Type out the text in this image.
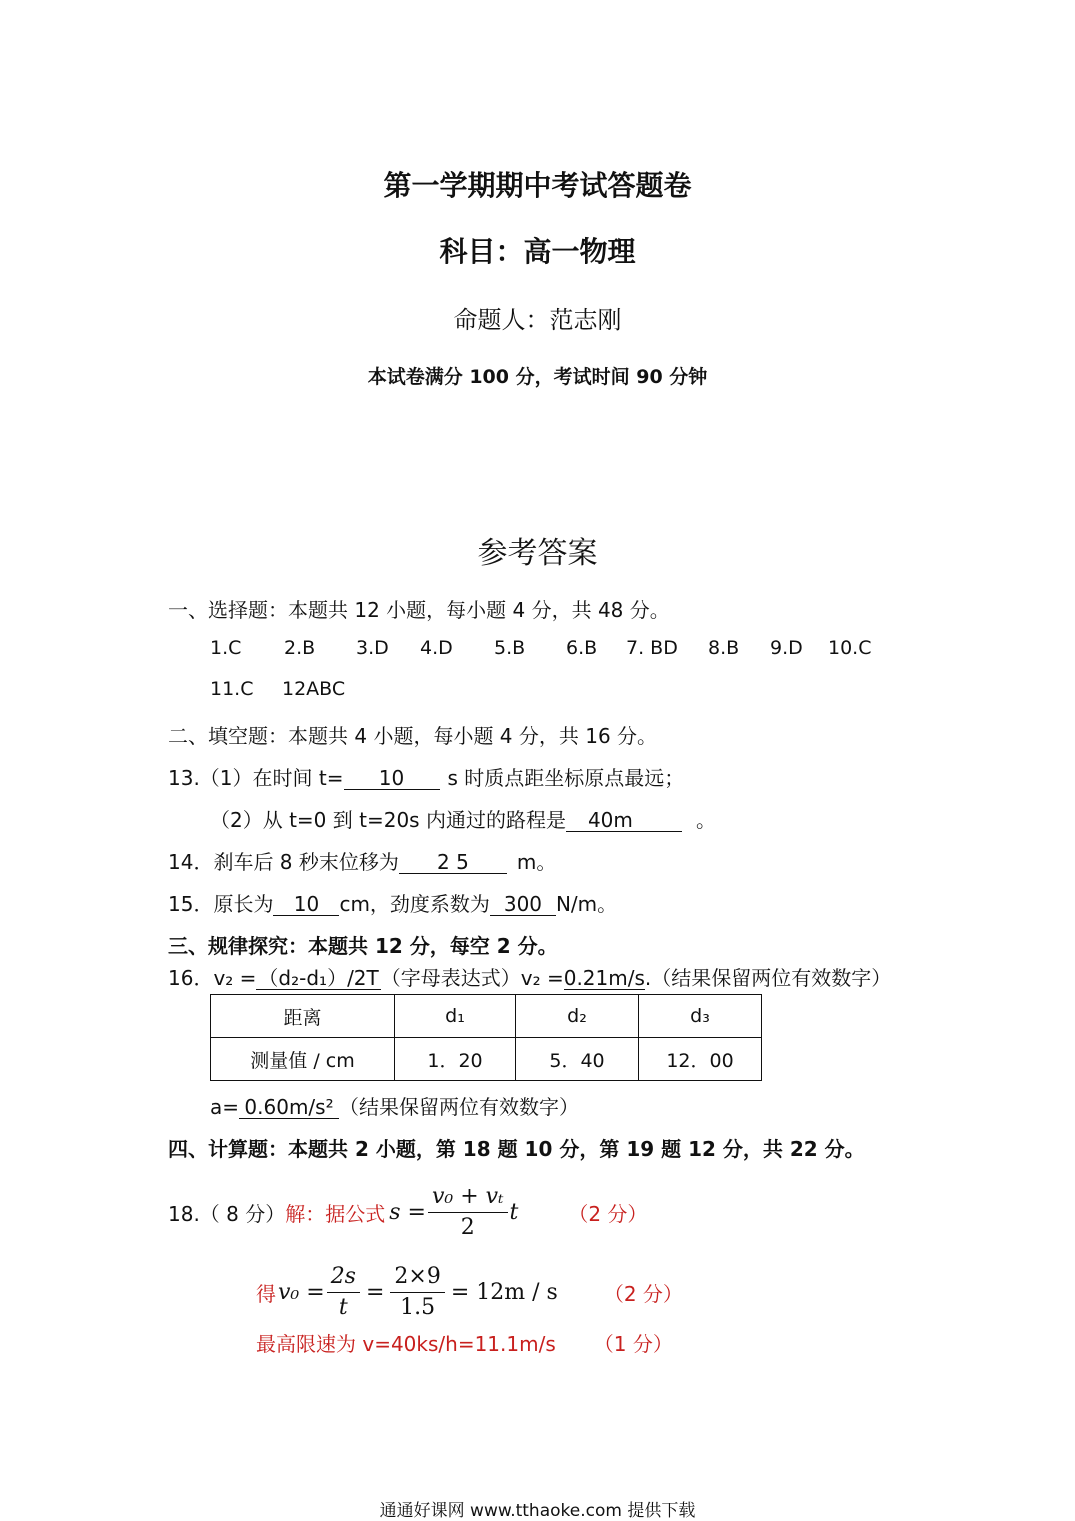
第一学期期中考试答题卷
科目：高一物理
命题人：范志刚
本试卷满分 100 分，考试时间 90 分钟
参考答案
一、选择题：本题共 12 小题，每小题 4 分，共 48 分。
1.C 2.B 3.D 4.D 5.B 6.B 7. BD 8.B 9.D 10.C
11.C 12ABC
二、填空题：本题共 4 小题，每小题 4 分，共 16 分。
13.（1）在时间 t= 10 s 时质点距坐标原点最远；
（2）从 t=0 到 t=20s 内通过的路程是 40m	。
14．刹车后 8 秒末位移为 2 5 m。
15．原长为 10 cm，劲度系数为 300 N/m。
三、规律探究：本题共 12 分，每空 2 分。
16．v₂ = （d₂-d₁）/2T （字母表达式）v₂ =0.21m/s.（结果保留两位有效数字）
距离	d₁	d₂	d₃
测量值 / cm	1．20	5．40	12．00
a= 0.60m/s² （结果保留两位有效数字）
四、计算题：本题共 2 小题，第 18 题 10 分，第 19 题 12 分，共 22 分。
18.（ 8 分） 解：据公式 $s = \frac{\text{v₀ + vₜ}}{2}$ t	（2 分）
得 $v_0 = \frac{2s}{t} = \frac{2\times 9}{1.5} = 12m / s$ （2 分）
最高限速为 v=40ks/h=11.1m/s （1 分）
通通好课网 www.tthaoke.com 提供下载
